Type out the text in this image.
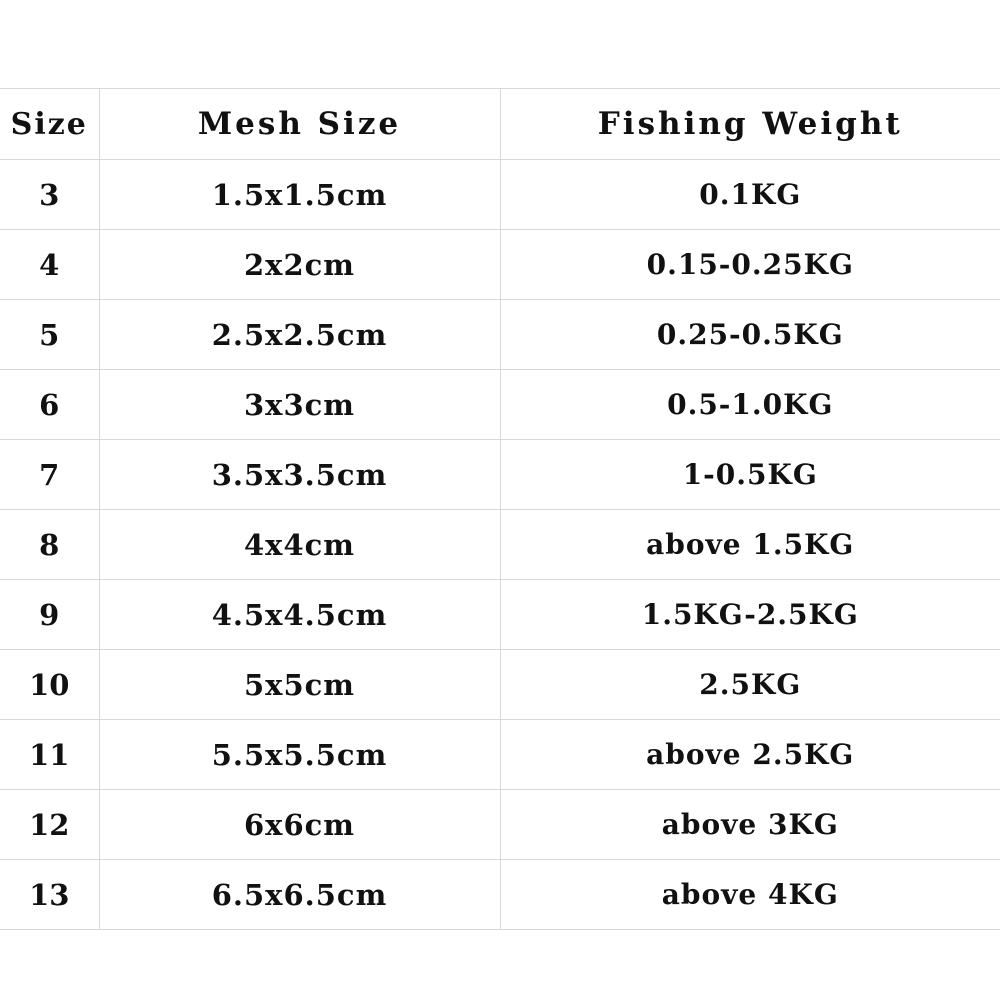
Size	Mesh Size	Fishing Weight
3	1.5x1.5cm	0.1KG
4	2x2cm	0.15-0.25KG
5	2.5x2.5cm	0.25-0.5KG
6	3x3cm	0.5-1.0KG
7	3.5x3.5cm	1-0.5KG
8	4x4cm	above 1.5KG
9	4.5x4.5cm	1.5KG-2.5KG
10	5x5cm	2.5KG
11	5.5x5.5cm	above 2.5KG
12	6x6cm	above 3KG
13	6.5x6.5cm	above 4KG
